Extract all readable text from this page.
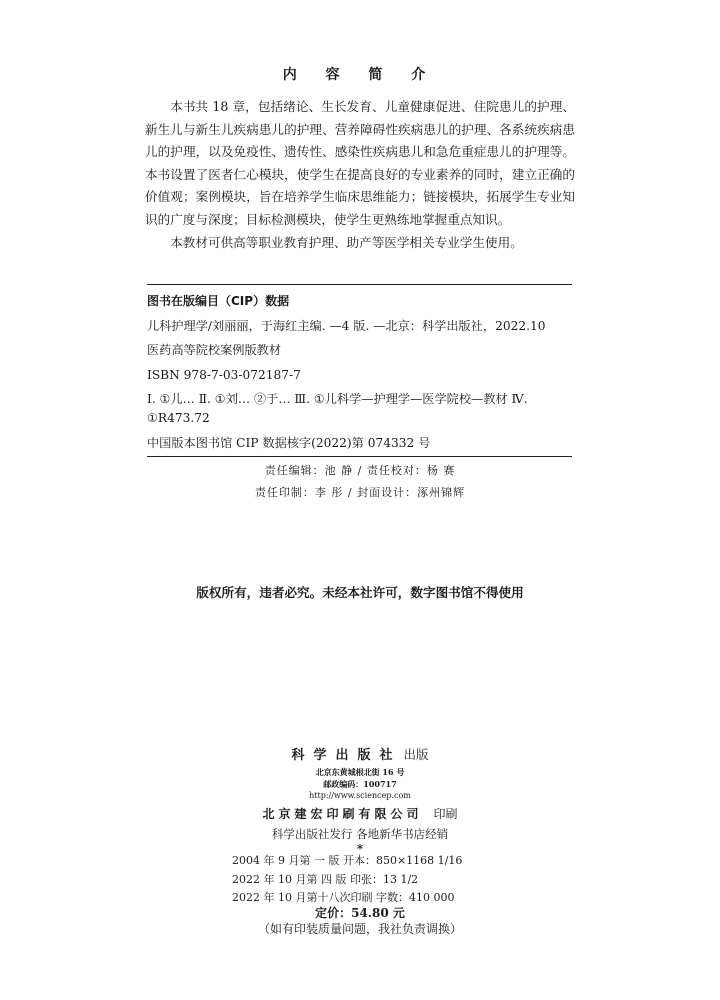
内 容 简 介

本书共 18 章，包括绪论、生长发育、儿童健康促进、住院患儿的护理、新生儿与新生儿疾病患儿的护理、营养障碍性疾病患儿的护理、各系统疾病患儿的护理，以及免疫性、遗传性、感染性疾病患儿和急危重症患儿的护理等。本书设置了医者仁心模块，使学生在提高良好的专业素养的同时，建立正确的价值观；案例模块，旨在培养学生临床思维能力；链接模块，拓展学生专业知识的广度与深度；目标检测模块，使学生更熟练地掌握重点知识。

本教材可供高等职业教育护理、助产等医学相关专业学生使用。

图书在版编目（CIP）数据
儿科护理学/刘丽丽，于海红主编. —4 版. —北京：科学出版社，2022.10
医药高等院校案例版教材
ISBN 978-7-03-072187-7
Ⅰ. ①儿… Ⅱ. ①刘… ②于… Ⅲ. ①儿科学—护理学—医学院校—教材 Ⅳ. ①R473.72
中国版本图书馆 CIP 数据核字(2022)第 074332 号
责任编辑：池 静 / 责任校对：杨 赛
责任印制：李 彤 / 封面设计：涿州锦辉
版权所有，违者必究。未经本社许可，数字图书馆不得使用
科学出版社 出版
北京东黄城根北街 16 号
邮政编码：100717
http://www.sciencep.com
北京建宏印刷有限公司 印刷
科学出版社发行 各地新华书店经销
*
2004 年 9 月第 一 版 开本：850×1168 1/16
2022 年 10 月第 四 版 印张：13 1/2
2022 年 10 月第十八次印刷 字数：410 000
定价：54.80 元
（如有印装质量问题，我社负责调换）
